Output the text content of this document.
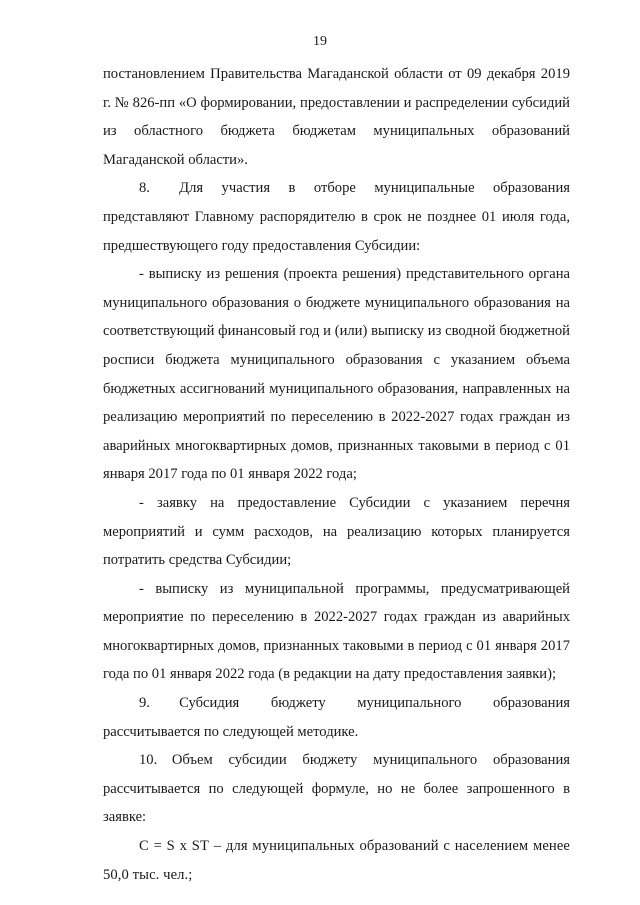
19

постановлением Правительства Магаданской области от 09 декабря 2019 г. № 826-пп «О формировании, предоставлении и распределении субсидий из областного бюджета бюджетам муниципальных образований Магаданской области».

8.  Для участия в отборе муниципальные образования представляют Главному распорядителю в срок не позднее 01 июля года, предшествующего году предоставления Субсидии:

- выписку из решения (проекта решения) представительного органа муниципального образования о бюджете муниципального образования на соответствующий финансовый год и (или) выписку из сводной бюджетной росписи бюджета муниципального образования с указанием объема бюджетных ассигнований муниципального образования, направленных на реализацию мероприятий по переселению в 2022-2027 годах граждан из аварийных многоквартирных домов, признанных таковыми в период с 01 января 2017 года по 01 января 2022 года;

- заявку на предоставление Субсидии с указанием перечня мероприятий и сумм расходов, на реализацию которых планируется потратить средства Субсидии;

- выписку из муниципальной программы, предусматривающей мероприятие по переселению в 2022-2027 годах граждан из аварийных многоквартирных домов, признанных таковыми в период с 01 января 2017 года по 01 января 2022 года (в редакции на дату предоставления заявки);

9.  Субсидия бюджету муниципального образования рассчитывается по следующей методике.

10. Объем субсидии бюджету муниципального образования рассчитывается по следующей формуле, но не более запрошенного в заявке:

С = S х SТ – для муниципальных образований с населением менее 50,0 тыс. чел.;
